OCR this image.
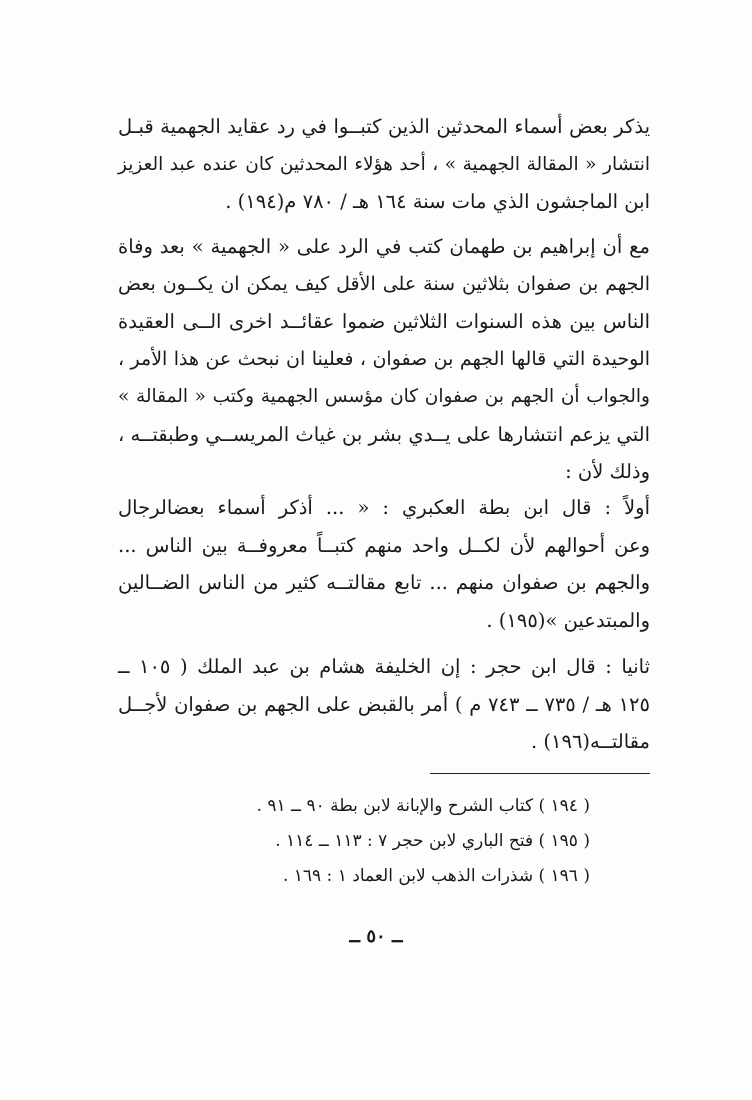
يذكر بعض أسماء المحدثين الذين كتبــوا في رد عقايد الجهمية قبـل
انتشار « المقالة الجهمية » ، أحد هؤلاء المحدثين كان عنده عبد العزيز
ابن الماجشون الذي مات سنة ١٦٤ هـ / ٧٨٠ م(١٩٤) .
مع أن إبراهيم بن طهمان كتب في الرد على « الجهمية » بعد وفاة
الجهم بن صفوان بثلاثين سنة على الأقل كيف يمكن ان يكــون بعض
الناس بين هذه السنوات الثلاثين ضموا عقائــد اخرى الــى العقيدة
الوحيدة التي قالها الجهم بن صفوان ، فعلينا ان نبحث عن هذا الأمر ،
والجواب أن الجهم بن صفوان كان مؤسس الجهمية وكتب « المقالة »
التي يزعم انتشارها على يــدي بشر بن غياث المريســي وطبقتــه ،
وذلك لأن :
أولاً : قال ابن بطة العكبري : « ... أذكر أسماء بعضالرجال
وعن أحوالهم لأن لكــل واحد منهم كتبــاً معروفــة بين الناس ...
والجهم بن صفوان منهم ... تابع مقالتــه كثير من الناس الضــالين
والمبتدعين »(١٩٥) .
ثانيا : قال ابن حجر : إن الخليفة هشام بن عبد الملك ( ١٠٥ ــ
١٢٥ هـ / ٧٣٥ ــ ٧٤٣ م ) أمر بالقبض على الجهم بن صفوان لأجــل
مقالتــه(١٩٦) .
( ١٩٤ ) كتاب الشرح والإبانة لابن بطة ٩٠ ــ ٩١ .
( ١٩٥ ) فتح الباري لابن حجر ٧ : ١١٣ ــ ١١٤ .
( ١٩٦ ) شذرات الذهب لابن العماد ١ : ١٦٩ .
ــ ٥٠ ــ
